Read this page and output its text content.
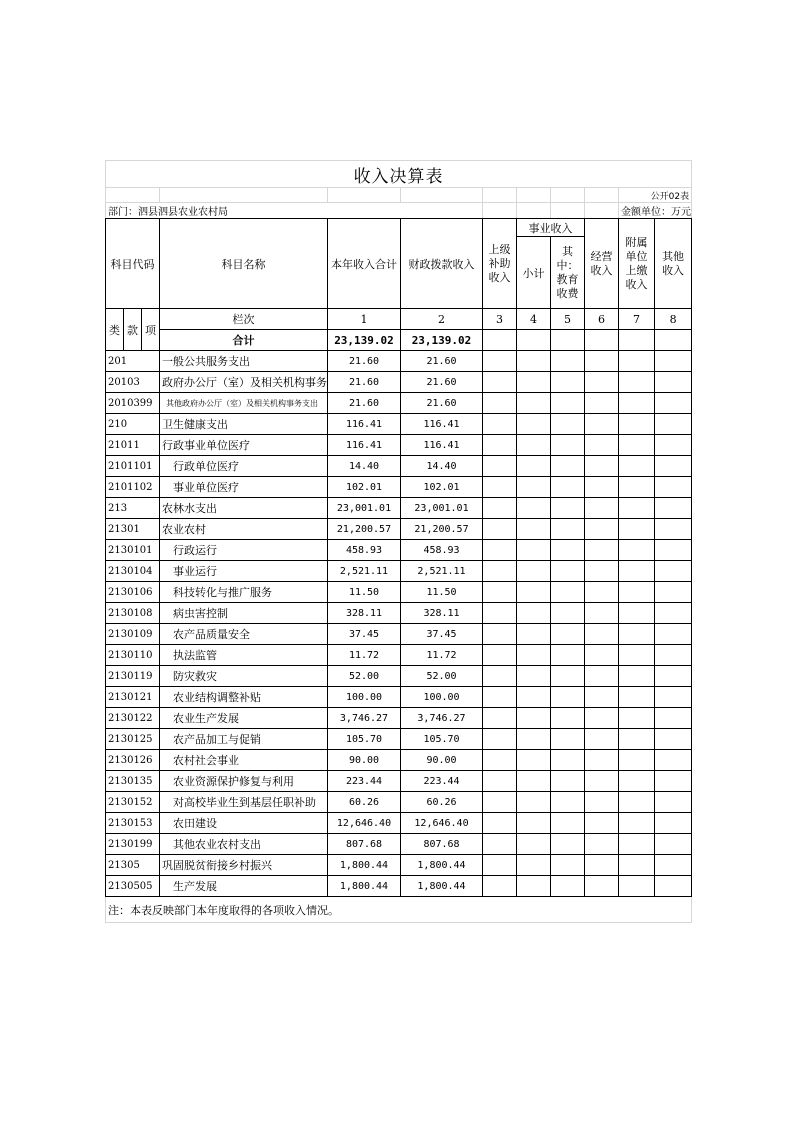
收入决算表											
										公开02表	
部门：泗县泗县农业农村局										金额单位：万元	
科目代码			科目名称	本年收入合计	财政拨款收入	上级补助收入	事业收入		经营收入	附属单位上缴收入	其他收入
							小计	其中：教育收费			
类	款	项	栏次	1	2	3	4	5	6	7	8
			合计	23,139.02	23,139.02						
201			一般公共服务支出	21.60	21.60						
20103			政府办公厅（室）及相关机构事务	21.60	21.60						
2010399			其他政府办公厅（室）及相关机构事务支出	21.60	21.60						
210			卫生健康支出	116.41	116.41						
21011			行政事业单位医疗	116.41	116.41						
2101101			行政单位医疗	14.40	14.40						
2101102			事业单位医疗	102.01	102.01						
213			农林水支出	23,001.01	23,001.01						
21301			农业农村	21,200.57	21,200.57						
2130101			行政运行	458.93	458.93						
2130104			事业运行	2,521.11	2,521.11						
2130106			科技转化与推广服务	11.50	11.50						
2130108			病虫害控制	328.11	328.11						
2130109			农产品质量安全	37.45	37.45						
2130110			执法监管	11.72	11.72						
2130119			防灾救灾	52.00	52.00						
2130121			农业结构调整补贴	100.00	100.00						
2130122			农业生产发展	3,746.27	3,746.27						
2130125			农产品加工与促销	105.70	105.70						
2130126			农村社会事业	90.00	90.00						
2130135			农业资源保护修复与利用	223.44	223.44						
2130152			对高校毕业生到基层任职补助	60.26	60.26						
2130153			农田建设	12,646.40	12,646.40						
2130199			其他农业农村支出	807.68	807.68						
21305			巩固脱贫衔接乡村振兴	1,800.44	1,800.44						
2130505			生产发展	1,800.44	1,800.44						
注：本表反映部门本年度取得的各项收入情况。											
